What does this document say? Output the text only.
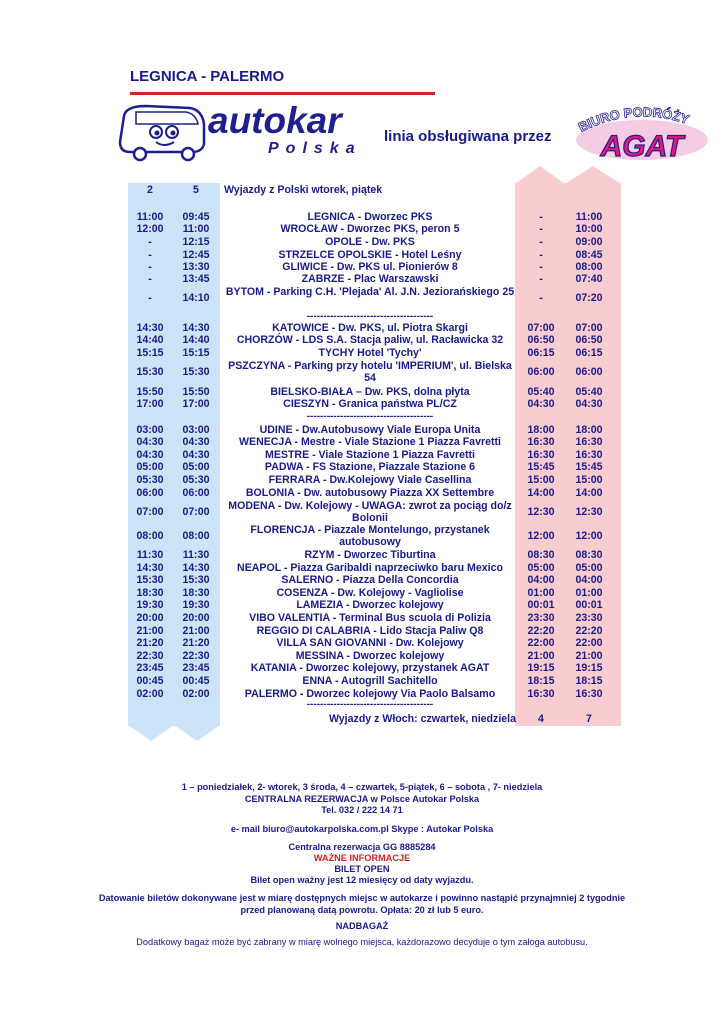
LEGNICA - PALERMO
autokar
Polska
linia obsługiwana przez
BIURO PODRÓŻY
AGAT
2	5	Wyjazdy z Polski wtorek, piątek
11:00	09:45	LEGNICA - Dworzec PKS	-	11:00
12:00	11:00	WROCŁAW - Dworzec PKS, peron 5	-	10:00
-	12:15	OPOLE - Dw. PKS	-	09:00
-	12:45	STRZELCE OPOLSKIE - Hotel Leśny	-	08:45
-	13:30	GLIWICE - Dw. PKS ul. Pionierów 8	-	08:00
-	13:45	ZABRZE - Plac Warszawski	-	07:40
-	14:10	BYTOM - Parking C.H. 'Plejada' Al. J.N. Jeziorańskiego 25	-	07:20
14:30	14:30	KATOWICE - Dw. PKS, ul. Piotra Skargi	07:00	07:00
14:40	14:40	CHORZÓW - LDS S.A. Stacja paliw, ul. Racławicka 32	06:50	06:50
15:15	15:15	TYCHY Hotel 'Tychy'	06:15	06:15
15:30	15:30	PSZCZYNA - Parking przy hotelu 'IMPERIUM', ul. Bielska 54	06:00	06:00
15:50	15:50	BIELSKO-BIAŁA – Dw. PKS, dolna płyta	05:40	05:40
17:00	17:00	CIESZYN - Granica państwa PL/CZ	04:30	04:30
03:00	03:00	UDINE - Dw.Autobusowy Viale Europa Unita	18:00	18:00
04:30	04:30	WENECJA - Mestre - Viale Stazione 1 Piazza Favretti	16:30	16:30
04:30	04:30	MESTRE - Viale Stazione 1 Piazza Favretti	16:30	16:30
05:00	05:00	PADWA - FS Stazione, Piazzale Stazione 6	15:45	15:45
05:30	05:30	FERRARA - Dw.Kolejowy Viale Casellina	15:00	15:00
06:00	06:00	BOLONIA - Dw. autobusowy Piazza XX Settembre	14:00	14:00
07:00	07:00	MODENA - Dw. Kolejowy - UWAGA: zwrot za pociąg do/z Bolonii	12:30	12:30
08:00	08:00	FLORENCJA - Piazzale Montelungo, przystanek autobusowy	12:00	12:00
11:30	11:30	RZYM - Dworzec Tiburtina	08:30	08:30
14:30	14:30	NEAPOL - Piazza Garibaldi naprzeciwko baru Mexico	05:00	05:00
15:30	15:30	SALERNO - Piazza Della Concordia	04:00	04:00
18:30	18:30	COSENZA - Dw. Kolejowy - Vagliolise	01:00	01:00
19:30	19:30	LAMEZIA - Dworzec kolejowy	00:01	00:01
20:00	20:00	VIBO VALENTIA - Terminal Bus scuola di Polizia	23:30	23:30
21:00	21:00	REGGIO DI CALABRIA - Lido Stacja Paliw Q8	22:20	22:20
21:20	21:20	VILLA SAN GIOVANNI - Dw. Kolejowy	22:00	22:00
22:30	22:30	MESSINA - Dworzec kolejowy	21:00	21:00
23:45	23:45	KATANIA - Dworzec kolejowy, przystanek AGAT	19:15	19:15
00:45	00:45	ENNA - Autogrill Sachitello	18:15	18:15
02:00	02:00	PALERMO - Dworzec kolejowy Via Paolo Balsamo	16:30	16:30
--------------------------------------
--------------------------------------
--------------------------------------
Wyjazdy z Włoch: czwartek, niedziela	4	7
1 – poniedziałek, 2- wtorek, 3 środa, 4 – czwartek, 5-piątek, 6 – sobota , 7- niedziela
CENTRALNA REZERWACJA w Polsce Autokar Polska
Tel. 032 / 222 14 71
e- mail biuro@autokarpolska.com.pl Skype : Autokar Polska
Centralna rezerwacja GG 8885284
WAŻNE INFORMACJE
BILET OPEN
Bilet open ważny jest 12 miesięcy od daty wyjazdu.
Datowanie biletów dokonywane jest w miarę dostępnych miejsc w autokarze i powinno nastąpić przynajmniej 2 tygodnie
przed planowaną datą powrotu. Opłata: 20 zł lub 5 euro.
NADBAGAŻ
Dodatkowy bagaż może być zabrany w miarę wolnego miejsca, każdorazowo decyduje o tym załoga autobusu.
